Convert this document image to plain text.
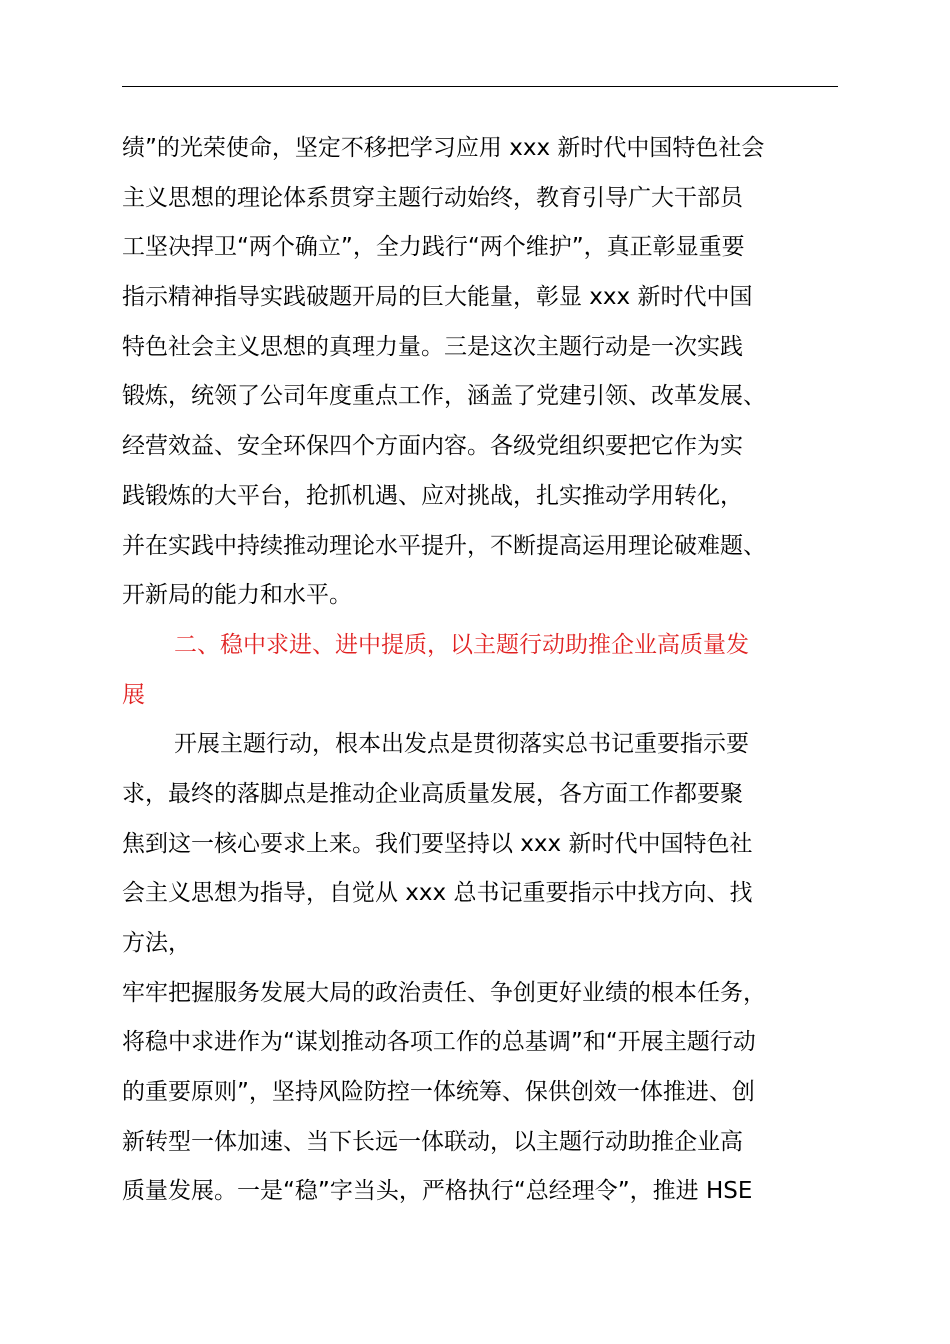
绩”的光荣使命，坚定不移把学习应用 xxx 新时代中国特色社会
主义思想的理论体系贯穿主题行动始终，教育引导广大干部员
工坚决捍卫“两个确立”，全力践行“两个维护”，真正彰显重要
指示精神指导实践破题开局的巨大能量，彰显 xxx 新时代中国
特色社会主义思想的真理力量。三是这次主题行动是一次实践
锻炼，统领了公司年度重点工作，涵盖了党建引领、改革发展、
经营效益、安全环保四个方面内容。各级党组织要把它作为实
践锻炼的大平台，抢抓机遇、应对挑战，扎实推动学用转化，
并在实践中持续推动理论水平提升，不断提高运用理论破难题、
开新局的能力和水平。
二、稳中求进、进中提质，以主题行动助推企业高质量发
展
开展主题行动，根本出发点是贯彻落实总书记重要指示要
求，最终的落脚点是推动企业高质量发展，各方面工作都要聚
焦到这一核心要求上来。我们要坚持以 xxx 新时代中国特色社
会主义思想为指导，自觉从 xxx 总书记重要指示中找方向、找
方法，
牢牢把握服务发展大局的政治责任、争创更好业绩的根本任务，
将稳中求进作为“谋划推动各项工作的总基调”和“开展主题行动
的重要原则”，坚持风险防控一体统筹、保供创效一体推进、创
新转型一体加速、当下长远一体联动，以主题行动助推企业高
质量发展。一是“稳”字当头，严格执行“总经理令”，推进 HSE
